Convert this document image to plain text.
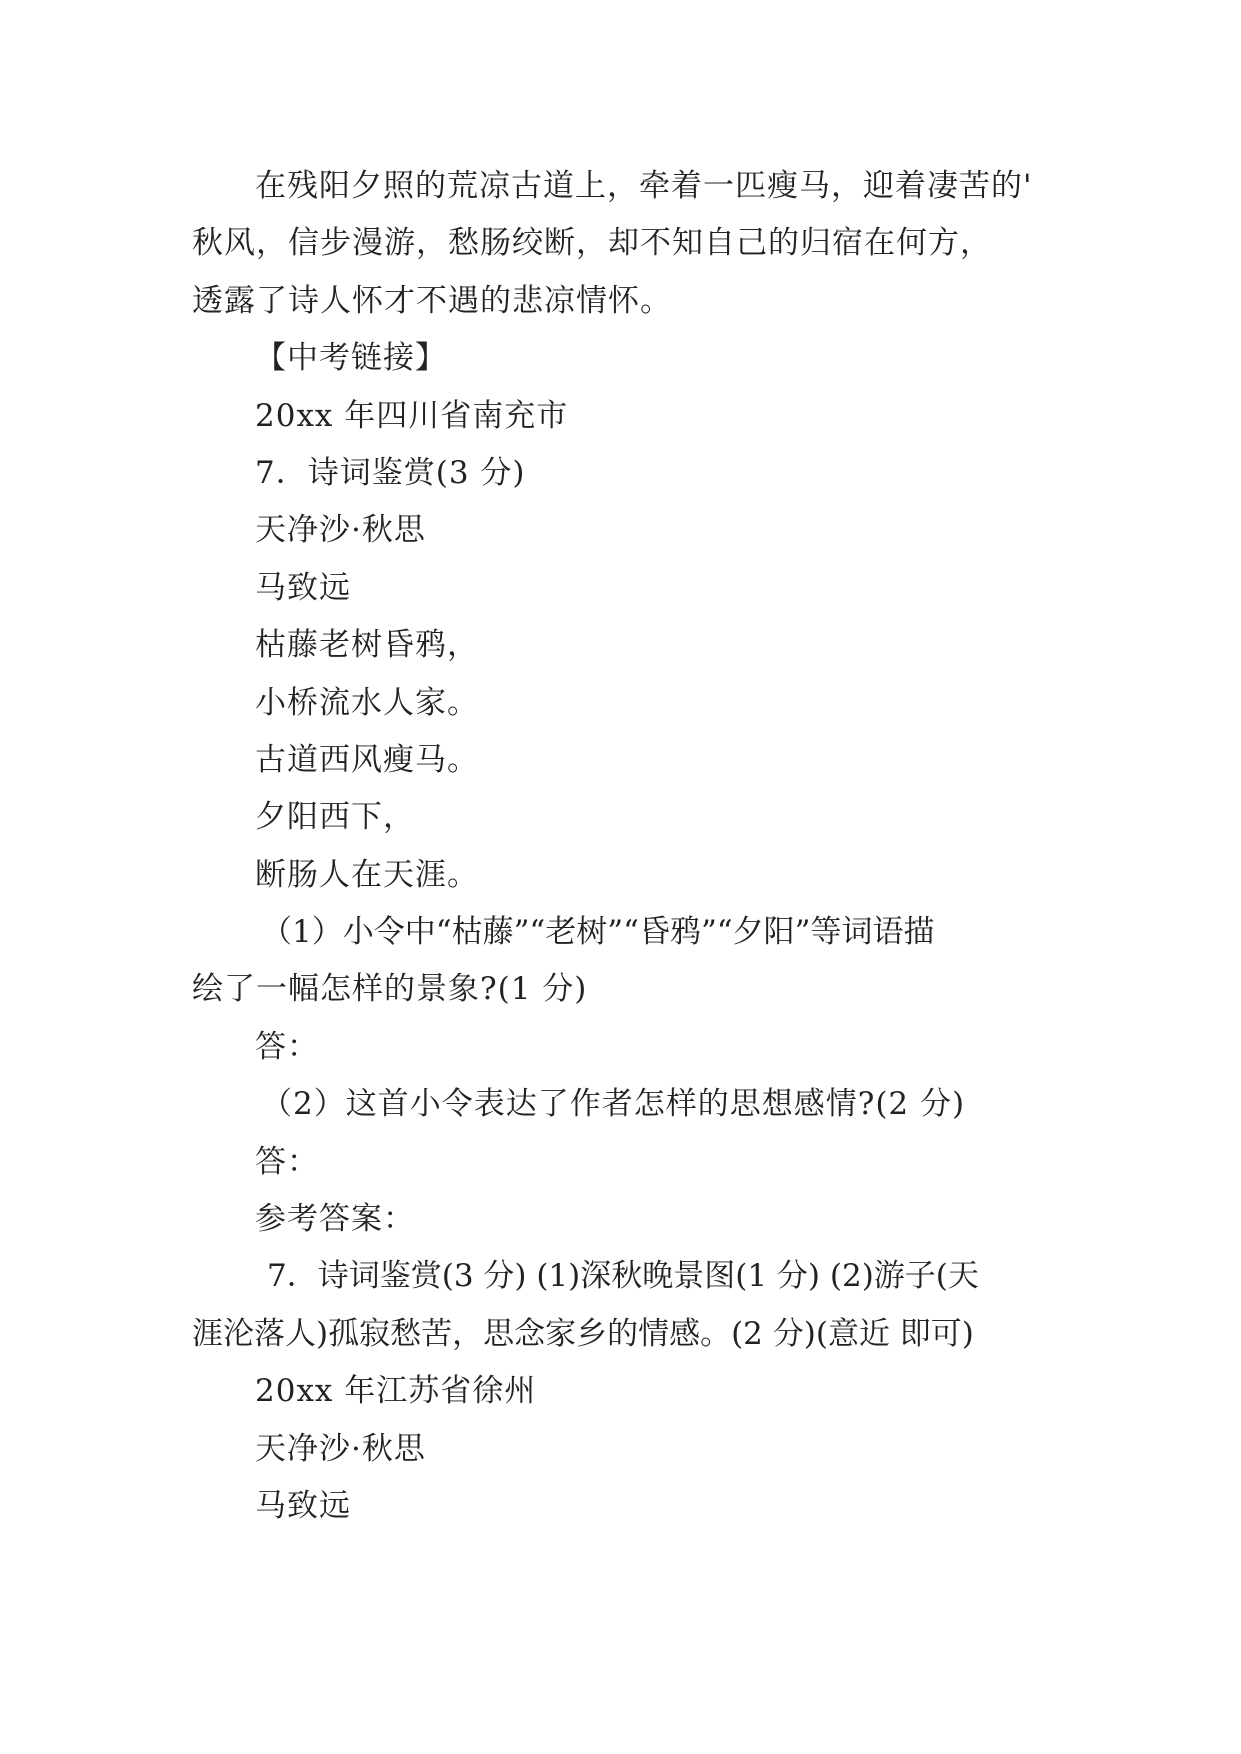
在残阳夕照的荒凉古道上，牵着一匹瘦马，迎着凄苦的'
秋风，信步漫游，愁肠绞断，却不知自己的归宿在何方，
透露了诗人怀才不遇的悲凉情怀。
【中考链接】
20xx 年四川省南充市
7．诗词鉴赏(3 分)
天净沙·秋思
马致远
枯藤老树昏鸦，
小桥流水人家。
古道西风瘦马。
夕阳西下，
断肠人在天涯。
（1）小令中“枯藤”“老树”“昏鸦”“夕阳”等词语描
绘了一幅怎样的景象?(1 分)
答：
（2）这首小令表达了作者怎样的思想感情?(2 分)
答：
参考答案：
7．诗词鉴赏(3 分) (1)深秋晚景图(1 分) (2)游子(天
涯沦落人)孤寂愁苦，思念家乡的情感。(2 分)(意近 即可)
20xx 年江苏省徐州
天净沙·秋思
马致远
